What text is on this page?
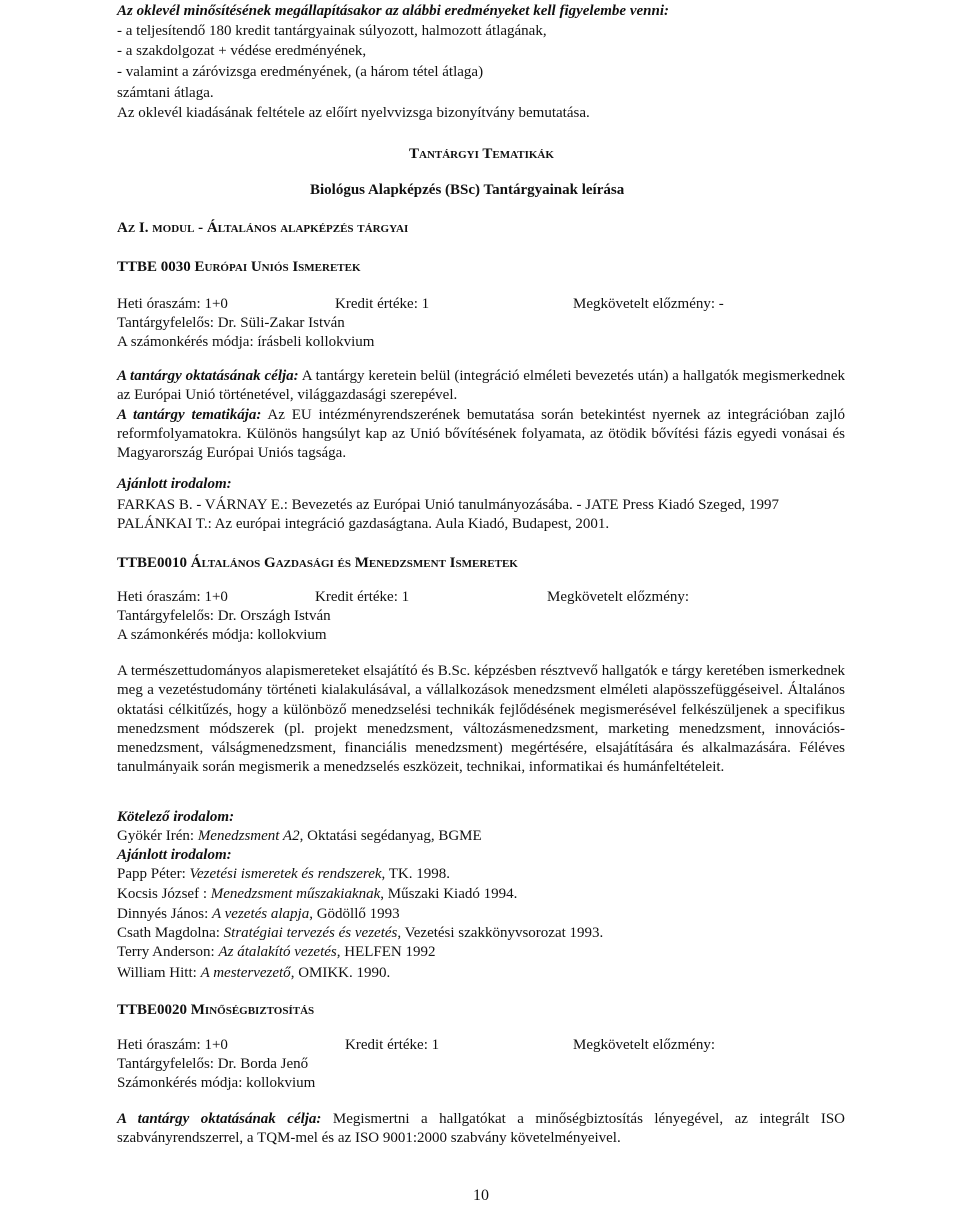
Az oklevél minősítésének megállapításakor az alábbi eredményeket kell figyelembe venni:
- a teljesítendő 180 kredit tantárgyainak súlyozott, halmozott átlagának,
- a szakdolgozat + védése eredményének,
- valamint a záróvizsga eredményének, (a három tétel átlaga)
számtani átlaga.
Az oklevél kiadásának feltétele az előírt nyelvvizsga bizonyítvány bemutatása.
Tantárgyi Tematikák
Biológus Alapképzés (BSc) Tantárgyainak leírása
Az I. modul - Általános alapképzés tárgyai
TTBE 0030 Európai Uniós Ismeretek
Heti óraszám: 1+0	Kredit értéke: 1	Megkövetelt előzmény: -
Tantárgyfelelős: Dr. Süli-Zakar István
A számonkérés módja: írásbeli kollokvium
A tantárgy oktatásának célja: A tantárgy keretein belül (integráció elméleti bevezetés után) a hallgatók megismerkednek az Európai Unió történetével, világgazdasági szerepével.
A tantárgy tematikája: Az EU intézményrendszerének bemutatása során betekintést nyernek az integrációban zajló reformfolyamatokra. Különös hangsúlyt kap az Unió bővítésének folyamata, az ötödik bővítési fázis egyedi vonásai és Magyarország Európai Uniós tagsága.
Ajánlott irodalom:
FARKAS B. - VÁRNAY E.: Bevezetés az Európai Unió tanulmányozásába. - JATE Press Kiadó Szeged, 1997
PALÁNKAI T.: Az európai integráció gazdaságtana. Aula Kiadó, Budapest, 2001.
TTBE0010 Általános Gazdasági és Menedzsment Ismeretek
Heti óraszám: 1+0	Kredit értéke: 1	Megkövetelt előzmény:
Tantárgyfelelős: Dr. Országh István
A számonkérés módja: kollokvium
A természettudományos alapismereteket elsajátító és B.Sc. képzésben résztvevő hallgatók e tárgy keretében ismerkednek meg a vezetéstudomány történeti kialakulásával, a vállalkozások menedzsment elméleti alapösszefüggéseivel. Általános oktatási célkitűzés, hogy a különböző menedzselési technikák fejlődésének megismerésével felkészüljenek a specifikus menedzsment módszerek (pl. projekt menedzsment, változásmenedzsment, marketing menedzsment, innovációs-menedzsment, válságmenedzsment, financiális menedzsment) megértésére, elsajátítására és alkalmazására. Féléves tanulmányaik során megismerik a menedzselés eszközeit, technikai, informatikai és humánfeltételeit.
Kötelező irodalom:
Gyökér Irén: Menedzsment A2, Oktatási segédanyag, BGME
Ajánlott irodalom:
Papp Péter: Vezetési ismeretek és rendszerek, TK. 1998.
Kocsis József : Menedzsment műszakiaknak, Műszaki Kiadó 1994.
Dinnyés János: A vezetés alapja, Gödöllő 1993
Csath Magdolna: Stratégiai tervezés és vezetés, Vezetési szakkönyvsorozat 1993.
Terry Anderson: Az átalakító vezetés, HELFEN 1992
William Hitt: A mestervezető, OMIKK. 1990.
TTBE0020 Minőségbiztosítás
Heti óraszám: 1+0	Kredit értéke: 1	Megkövetelt előzmény:
Tantárgyfelelős: Dr. Borda Jenő
Számonkérés módja: kollokvium
A tantárgy oktatásának célja: Megismertni a hallgatókat a minőségbiztosítás lényegével, az integrált ISO szabványrendszerrel, a TQM-mel és az ISO 9001:2000 szabvány követelményeivel.
10
